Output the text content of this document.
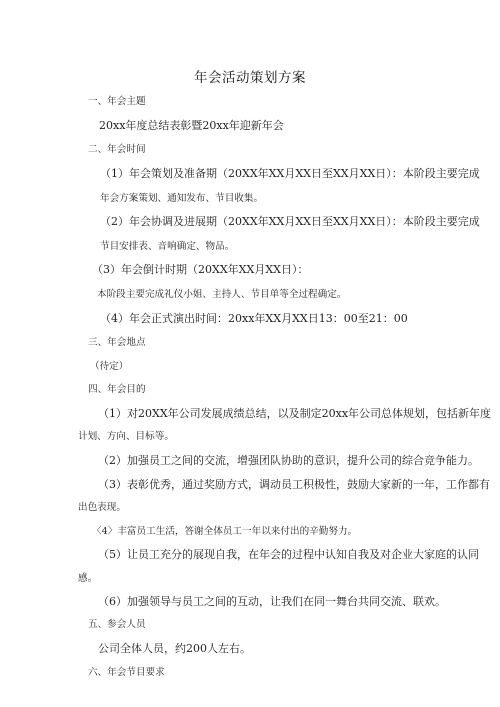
年会活动策划方案
一、年会主题
20xx年度总结表彰暨20xx年迎新年会
二、年会时间
（1）年会策划及准备期（20XX年XX月XX日至XX月XX日）：本阶段主要完成
年会方案策划、通知发布、节目收集。
（2）年会协调及进展期（20XX年XX月XX日至XX月XX日）：本阶段主要完成
节目安排表、音响确定、物品。
（3）年会倒计时期（20XX年XX月XX日）：
本阶段主要完成礼仪小姐、主持人、节目单等全过程确定。
（4）年会正式演出时间：20xx年XX月XX日13：00至21：00
三、年会地点
（待定）
四、年会目的
（1）对20XX年公司发展成绩总结，以及制定20xx年公司总体规划，包括新年度
计划、方向、目标等。
（2）加强员工之间的交流，增强团队协助的意识，提升公司的综合竞争能力。
（3）表彰优秀，通过奖励方式，调动员工积极性，鼓励大家新的一年，工作都有
出色表现。
〈4〉丰富员工生活，答谢全体员工一年以来付出的辛勤努力。
（5）让员工充分的展现自我，在年会的过程中认知自我及对企业大家庭的认同
感。
（6）加强领导与员工之间的互动，让我们在同一舞台共同交流、联欢。
五、参会人员
公司全体人员，约200人左右。
六、年会节目要求
